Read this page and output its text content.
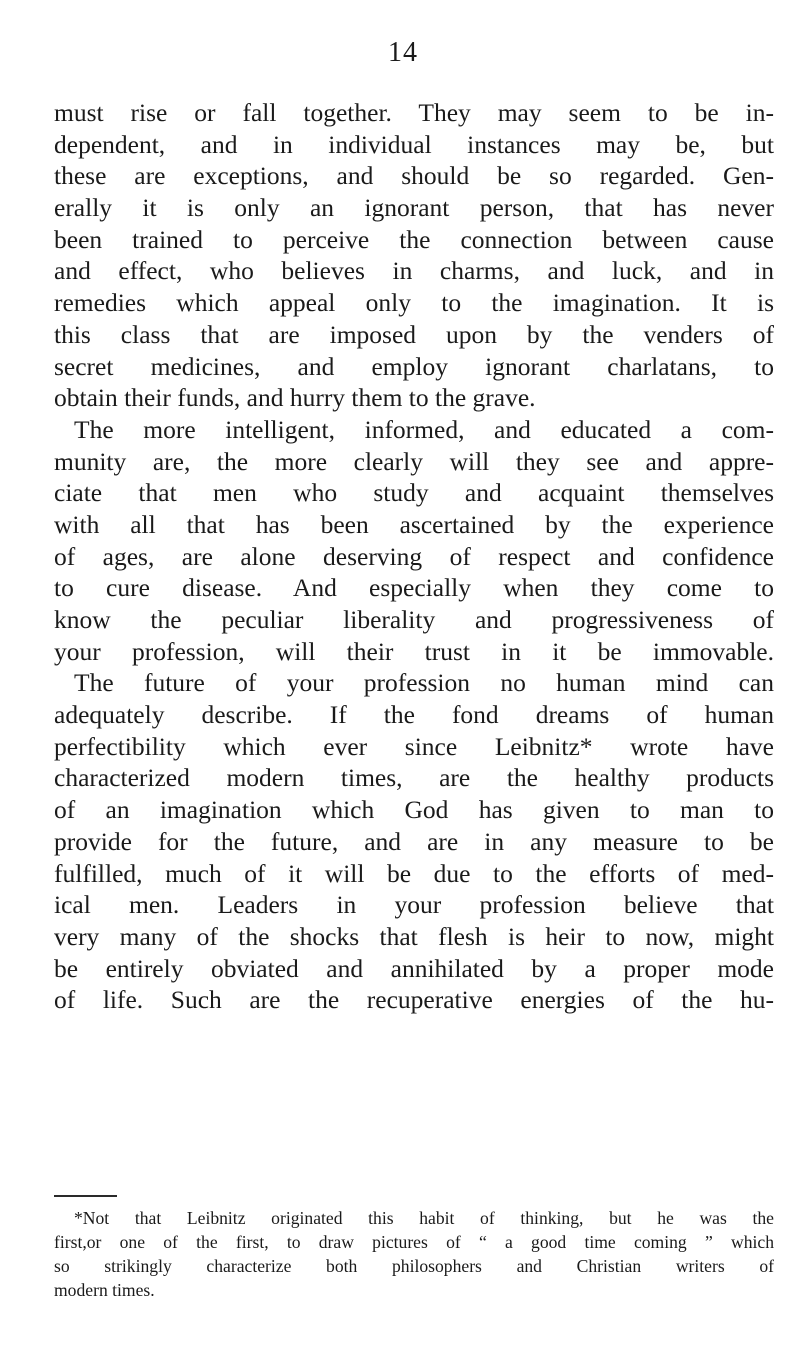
14
must rise or fall together. They may seem to be in-
dependent, and in individual instances may be, but
these are exceptions, and should be so regarded. Gen-
erally it is only an ignorant person, that has never
been trained to perceive the connection between cause
and effect, who believes in charms, and luck, and in
remedies which appeal only to the imagination. It is
this class that are imposed upon by the venders of
secret medicines, and employ ignorant charlatans, to
obtain their funds, and hurry them to the grave.
The more intelligent, informed, and educated a com-
munity are, the more clearly will they see and appre-
ciate that men who study and acquaint themselves
with all that has been ascertained by the experience
of ages, are alone deserving of respect and confidence
to cure disease. And especially when they come to
know the peculiar liberality and progressiveness of
your profession, will their trust in it be immovable.
The future of your profession no human mind can
adequately describe. If the fond dreams of human
perfectibility which ever since Leibnitz* wrote have
characterized modern times, are the healthy products
of an imagination which God has given to man to
provide for the future, and are in any measure to be
fulfilled, much of it will be due to the efforts of med-
ical men. Leaders in your profession believe that
very many of the shocks that flesh is heir to now, might
be entirely obviated and annihilated by a proper mode
of life. Such are the recuperative energies of the hu-
*Not that Leibnitz originated this habit of thinking, but he was the
first,or one of the first, to draw pictures of “ a good time coming ” which
so strikingly characterize both philosophers and Christian writers of
modern times.
